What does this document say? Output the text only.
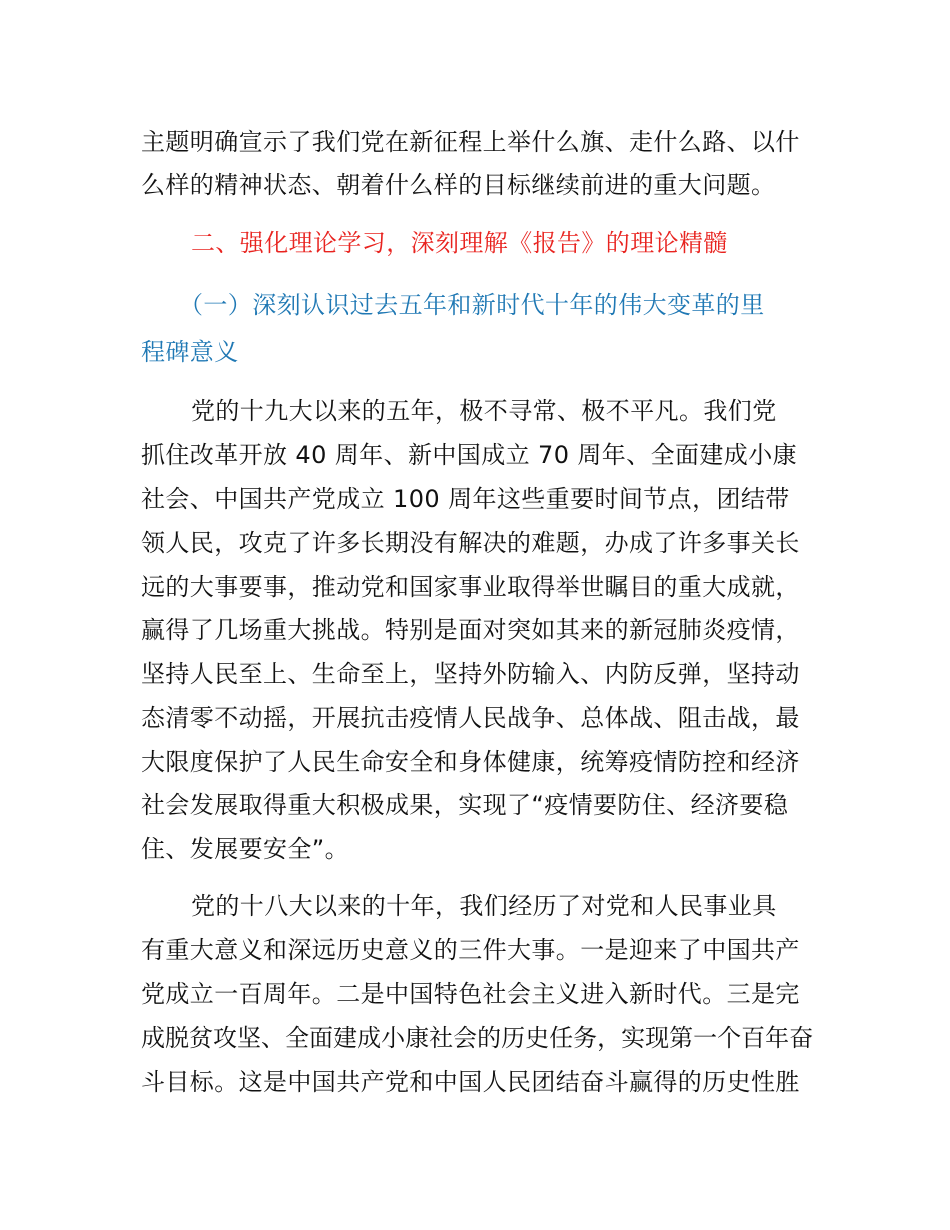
主题明确宣示了我们党在新征程上举什么旗、走什么路、以什
么样的精神状态、朝着什么样的目标继续前进的重大问题。
二、强化理论学习，深刻理解《报告》的理论精髓
（一）深刻认识过去五年和新时代十年的伟大变革的里
程碑意义
党的十九大以来的五年，极不寻常、极不平凡。我们党
抓住改革开放 40 周年、新中国成立 70 周年、全面建成小康
社会、中国共产党成立 100 周年这些重要时间节点，团结带
领人民，攻克了许多长期没有解决的难题，办成了许多事关长
远的大事要事，推动党和国家事业取得举世瞩目的重大成就，
赢得了几场重大挑战。特别是面对突如其来的新冠肺炎疫情，
坚持人民至上、生命至上，坚持外防输入、内防反弹，坚持动
态清零不动摇，开展抗击疫情人民战争、总体战、阻击战，最
大限度保护了人民生命安全和身体健康，统筹疫情防控和经济
社会发展取得重大积极成果，实现了“疫情要防住、经济要稳
住、发展要安全”。
党的十八大以来的十年，我们经历了对党和人民事业具
有重大意义和深远历史意义的三件大事。一是迎来了中国共产
党成立一百周年。二是中国特色社会主义进入新时代。三是完
成脱贫攻坚、全面建成小康社会的历史任务，实现第一个百年奋
斗目标。这是中国共产党和中国人民团结奋斗赢得的历史性胜
